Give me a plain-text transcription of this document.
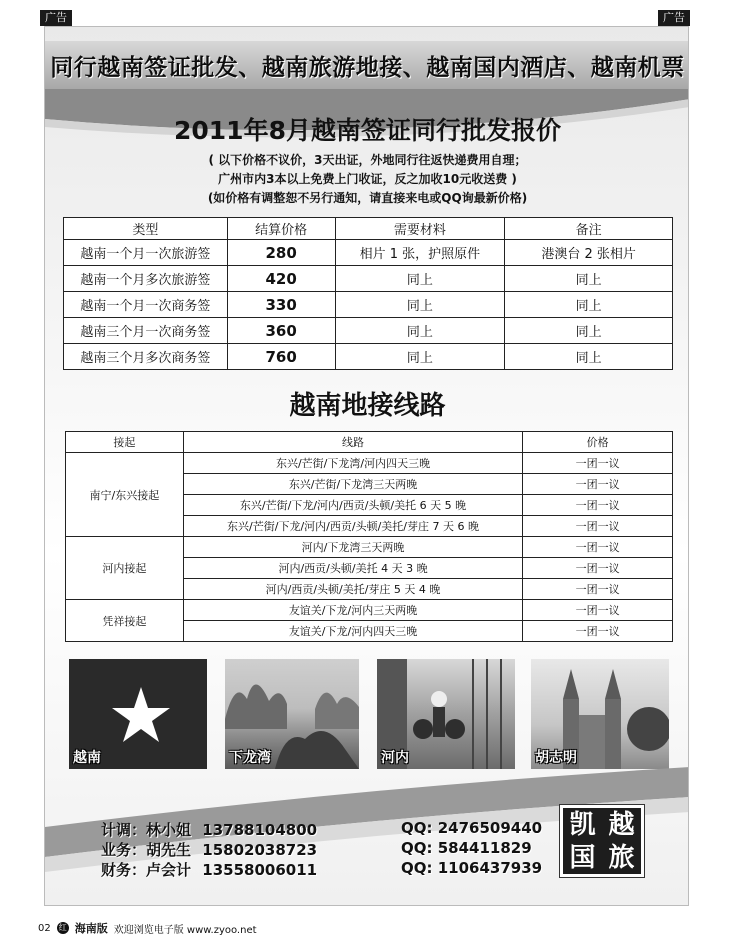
广告	广告
同行越南签证批发、越南旅游地接、越南国内酒店、越南机票
2011年8月越南签证同行批发报价
( 以下价格不议价，3天出证，外地同行往返快递费用自理；
广州市内3本以上免费上门收证，反之加收10元收送费 )
(如价格有调整恕不另行通知，请直接来电或QQ询最新价格)
类型	结算价格	需要材料	备注
越南一个月一次旅游签	280	相片 1 张，护照原件	港澳台 2 张相片
越南一个月多次旅游签	420	同上	同上
越南一个月一次商务签	330	同上	同上
越南三个月一次商务签	360	同上	同上
越南三个月多次商务签	760	同上	同上
越南地接线路
接起	线路	价格
南宁/东兴接起	东兴/芒街/下龙湾/河内四天三晚	一团一议
	东兴/芒街/下龙湾三天两晚	一团一议
	东兴/芒街/下龙/河内/西贡/头顿/美托 6 天 5 晚	一团一议
	东兴/芒街/下龙/河内/西贡/头顿/美托/芽庄 7 天 6 晚	一团一议
河内接起	河内/下龙湾三天两晚	一团一议
	河内/西贡/头顿/美托 4 天 3 晚	一团一议
	河内/西贡/头顿/美托/芽庄 5 天 4 晚	一团一议
凭祥接起	友谊关/下龙/河内三天两晚	一团一议
	友谊关/下龙/河内四天三晚	一团一议
越南	下龙湾	河内	胡志明
计调：林小姐 13788104800
业务：胡先生 15802038723
财务：卢会计 13558006011
QQ: 2476509440
QQ: 584411829
QQ: 1106437939
凯 越
国 旅
02 红 海南版 欢迎浏览电子版 www.zyoo.net
